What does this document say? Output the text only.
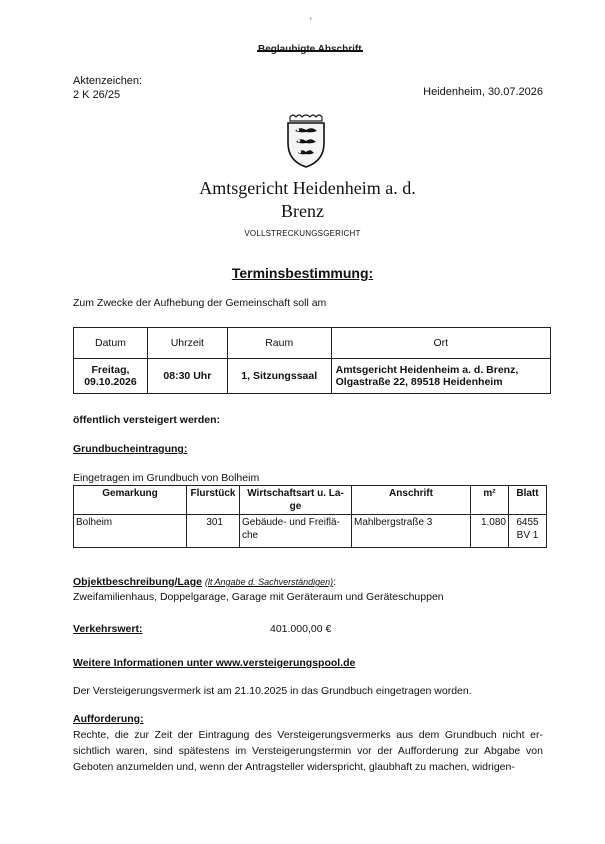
'
Aktenzeichen:
2 K 26/25	Heidenheim, 30.07.2026
Amtsgericht Heidenheim a. d.
Brenz
VOLLSTRECKUNGSGERICHT
Terminsbestimmung:
Zum Zwecke der Aufhebung der Gemeinschaft soll am
Datum	Uhrzeit	Raum	Ort
Freitag,
09.10.2026	08:30 Uhr	1, Sitzungssaal	Amtsgericht Heidenheim a. d. Brenz,
Olgastraße 22, 89518 Heidenheim
öffentlich versteigert werden:
Grundbucheintragung:
Eingetragen im Grundbuch von Bolheim
Gemarkung	Flurstück	Wirtschaftsart u. La-
ge	Anschrift	m²	Blatt
Bolheim	301	Gebäude- und Freiflä-
che	Mahlbergstraße 3	1.080	6455
BV 1
Objektbeschreibung/Lage (lt Angabe d. Sachverständigen):
Zweifamilienhaus, Doppelgarage, Garage mit Geräteraum und Geräteschuppen
Verkehrswert:	401.000,00 €
Weitere Informationen unter www.versteigerungspool.de
Der Versteigerungsvermerk ist am 21.10.2025 in das Grundbuch eingetragen worden.
Aufforderung:
Rechte, die zur Zeit der Eintragung des Versteigerungsvermerks aus dem Grundbuch nicht er-sichtlich waren, sind spätestens im Versteigerungstermin vor der Aufforderung zur Abgabe von Geboten anzumelden und, wenn der Antragsteller widerspricht, glaubhaft zu machen, widrigen-
